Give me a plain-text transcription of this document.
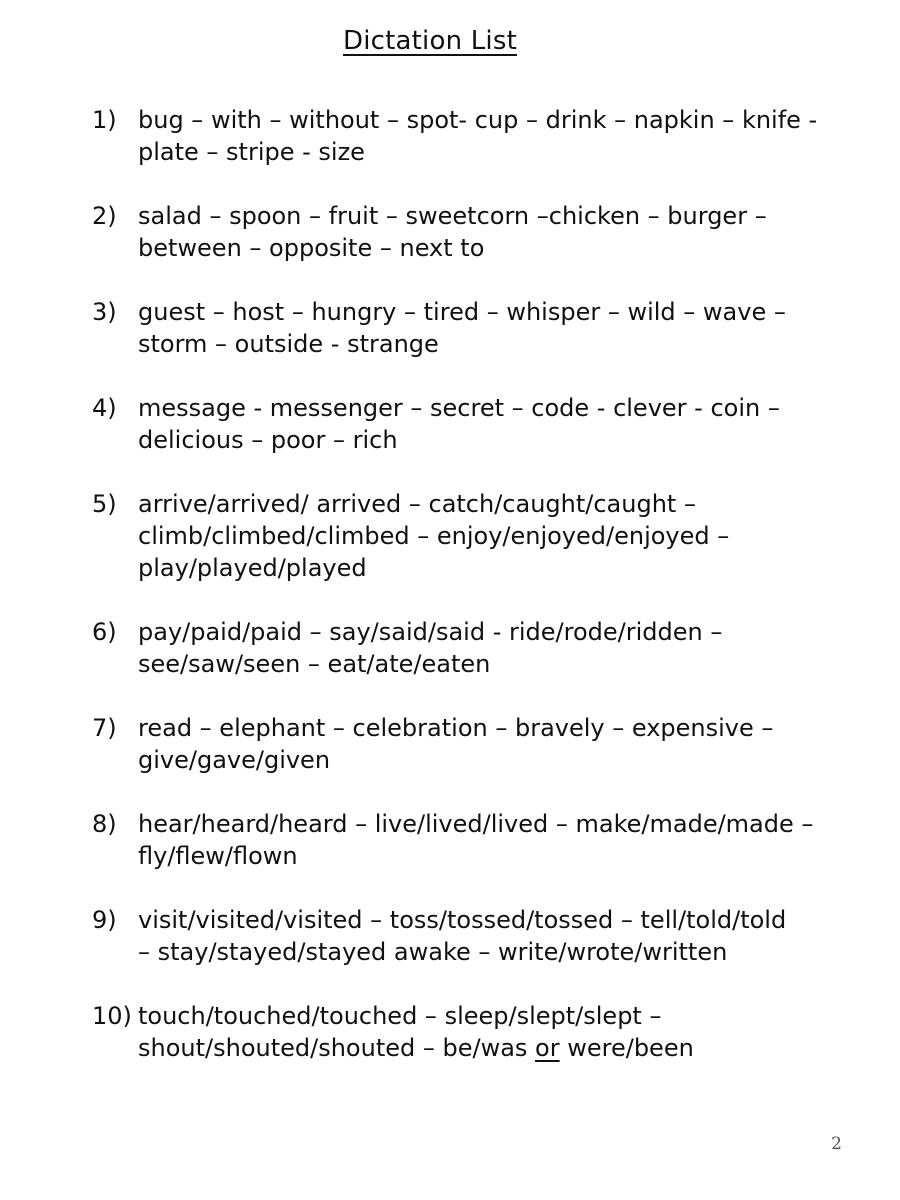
Dictation List
1) bug – with – without – spot- cup – drink – napkin – knife -
plate – stripe - size
2) salad – spoon – fruit – sweetcorn –chicken – burger –
between – opposite – next to
3) guest – host – hungry – tired – whisper – wild – wave –
storm – outside - strange
4) message - messenger – secret – code - clever - coin –
delicious – poor – rich
5) arrive/arrived/ arrived – catch/caught/caught –
climb/climbed/climbed – enjoy/enjoyed/enjoyed –
play/played/played
6) pay/paid/paid – say/said/said - ride/rode/ridden –
see/saw/seen – eat/ate/eaten
7) read – elephant – celebration – bravely – expensive –
give/gave/given
8) hear/heard/heard – live/lived/lived – make/made/made –
fly/flew/flown
9) visit/visited/visited – toss/tossed/tossed – tell/told/told
– stay/stayed/stayed awake – write/wrote/written
10) touch/touched/touched – sleep/slept/slept –
shout/shouted/shouted – be/was or were/been
2
